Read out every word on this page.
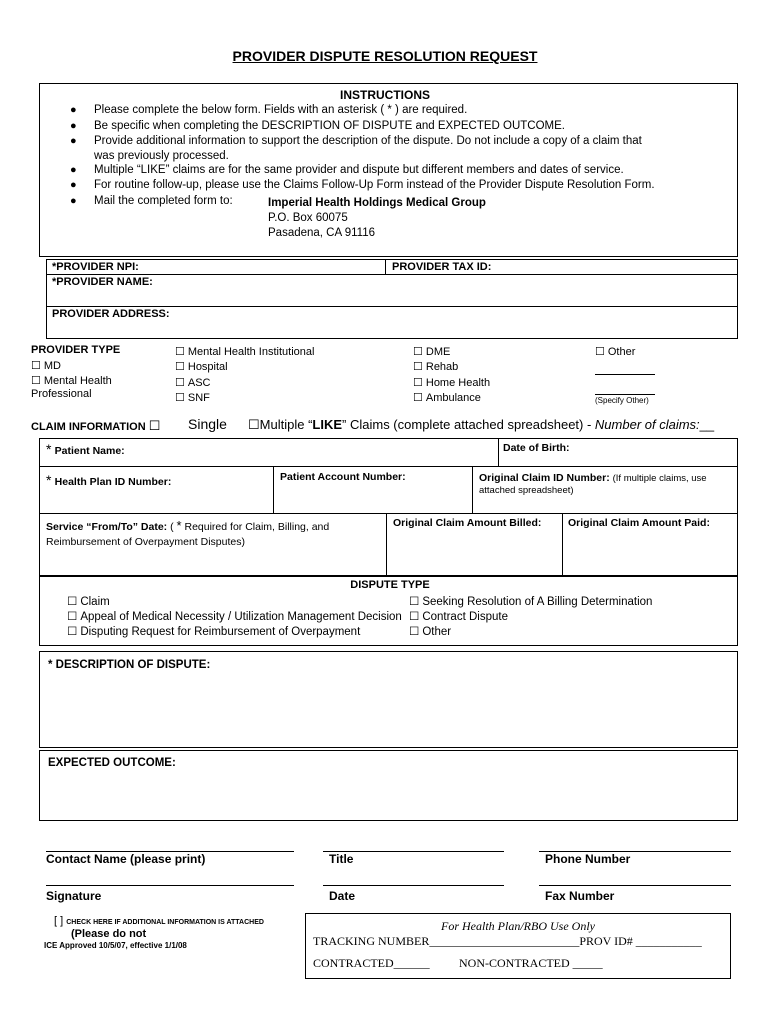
PROVIDER DISPUTE RESOLUTION REQUEST
INSTRUCTIONS
● Please complete the below form. Fields with an asterisk ( * ) are required.
● Be specific when completing the DESCRIPTION OF DISPUTE and EXPECTED OUTCOME.
● Provide additional information to support the description of the dispute. Do not include a copy of a claim that
was previously processed.
● Multiple “LIKE” claims are for the same provider and dispute but different members and dates of service.
● For routine follow-up, please use the Claims Follow-Up Form instead of the Provider Dispute Resolution Form.
● Mail the completed form to:	Imperial Health Holdings Medical Group
P.O. Box 60075
Pasadena, CA 91116
*PROVIDER NPI:	PROVIDER TAX ID:
*PROVIDER NAME:
PROVIDER ADDRESS:
PROVIDER TYPE
☐ MD
☐ Mental Health
Professional
☐ Mental Health Institutional
☐ Hospital
☐ ASC
☐ SNF
☐ DME
☐ Rehab
☐ Home Health
☐ Ambulance
☐ Other
(Specify Other)
CLAIM INFORMATION ☐ Single ☐Multiple “LIKE” Claims (complete attached spreadsheet) - Number of claims:__
* Patient Name:	Date of Birth:
* Health Plan ID Number:	Patient Account Number:	Original Claim ID Number: (If multiple claims, use
attached spreadsheet)
Service “From/To” Date: ( * Required for Claim, Billing, and
Reimbursement of Overpayment Disputes)
Original Claim Amount Billed:	Original Claim Amount Paid:
DISPUTE TYPE
☐ Claim
☐ Appeal of Medical Necessity / Utilization Management Decision
☐ Disputing Request for Reimbursement of Overpayment
☐ Seeking Resolution of A Billing Determination
☐ Contract Dispute
☐ Other
* DESCRIPTION OF DISPUTE:
EXPECTED OUTCOME:
Contact Name (please print)	Title	Phone Number
Signature	Date	Fax Number
[ ] CHECK HERE IF ADDITIONAL INFORMATION IS ATTACHED
(Please do not
ICE Approved 10/5/07, effective 1/1/08
For Health Plan/RBO Use Only
TRACKING NUMBER_________________________PROV ID# ___________
CONTRACTED______ NON-CONTRACTED _____
